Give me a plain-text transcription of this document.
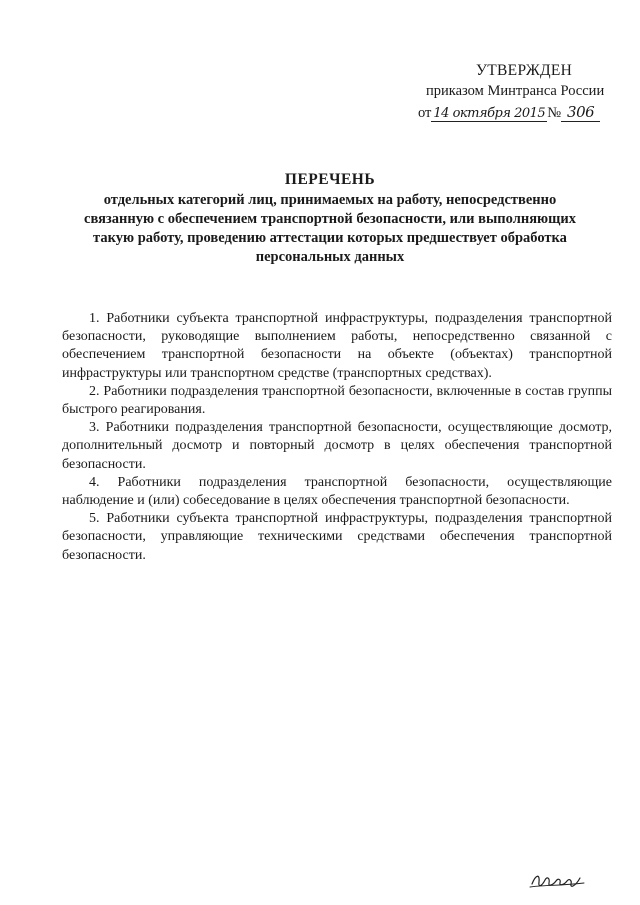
УТВЕРЖДЕН
приказом Минтранса России
от 14 октября 2015 № 306
ПЕРЕЧЕНЬ
отдельных категорий лиц, принимаемых на работу, непосредственно связанную с обеспечением транспортной безопасности, или выполняющих такую работу, проведению аттестации которых предшествует обработка персональных данных

1. Работники субъекта транспортной инфраструктуры, подразделения транспортной безопасности, руководящие выполнением работы, непосредственно связанной с обеспечением транспортной безопасности на объекте (объектах) транспортной инфраструктуры или транспортном средстве (транспортных средствах).

2. Работники подразделения транспортной безопасности, включенные в состав группы быстрого реагирования.

3. Работники подразделения транспортной безопасности, осуществляющие досмотр, дополнительный досмотр и повторный досмотр в целях обеспечения транспортной безопасности.

4. Работники подразделения транспортной безопасности, осуществляющие наблюдение и (или) собеседование в целях обеспечения транспортной безопасности.

5. Работники субъекта транспортной инфраструктуры, подразделения транспортной безопасности, управляющие техническими средствами обеспечения транспортной безопасности.
